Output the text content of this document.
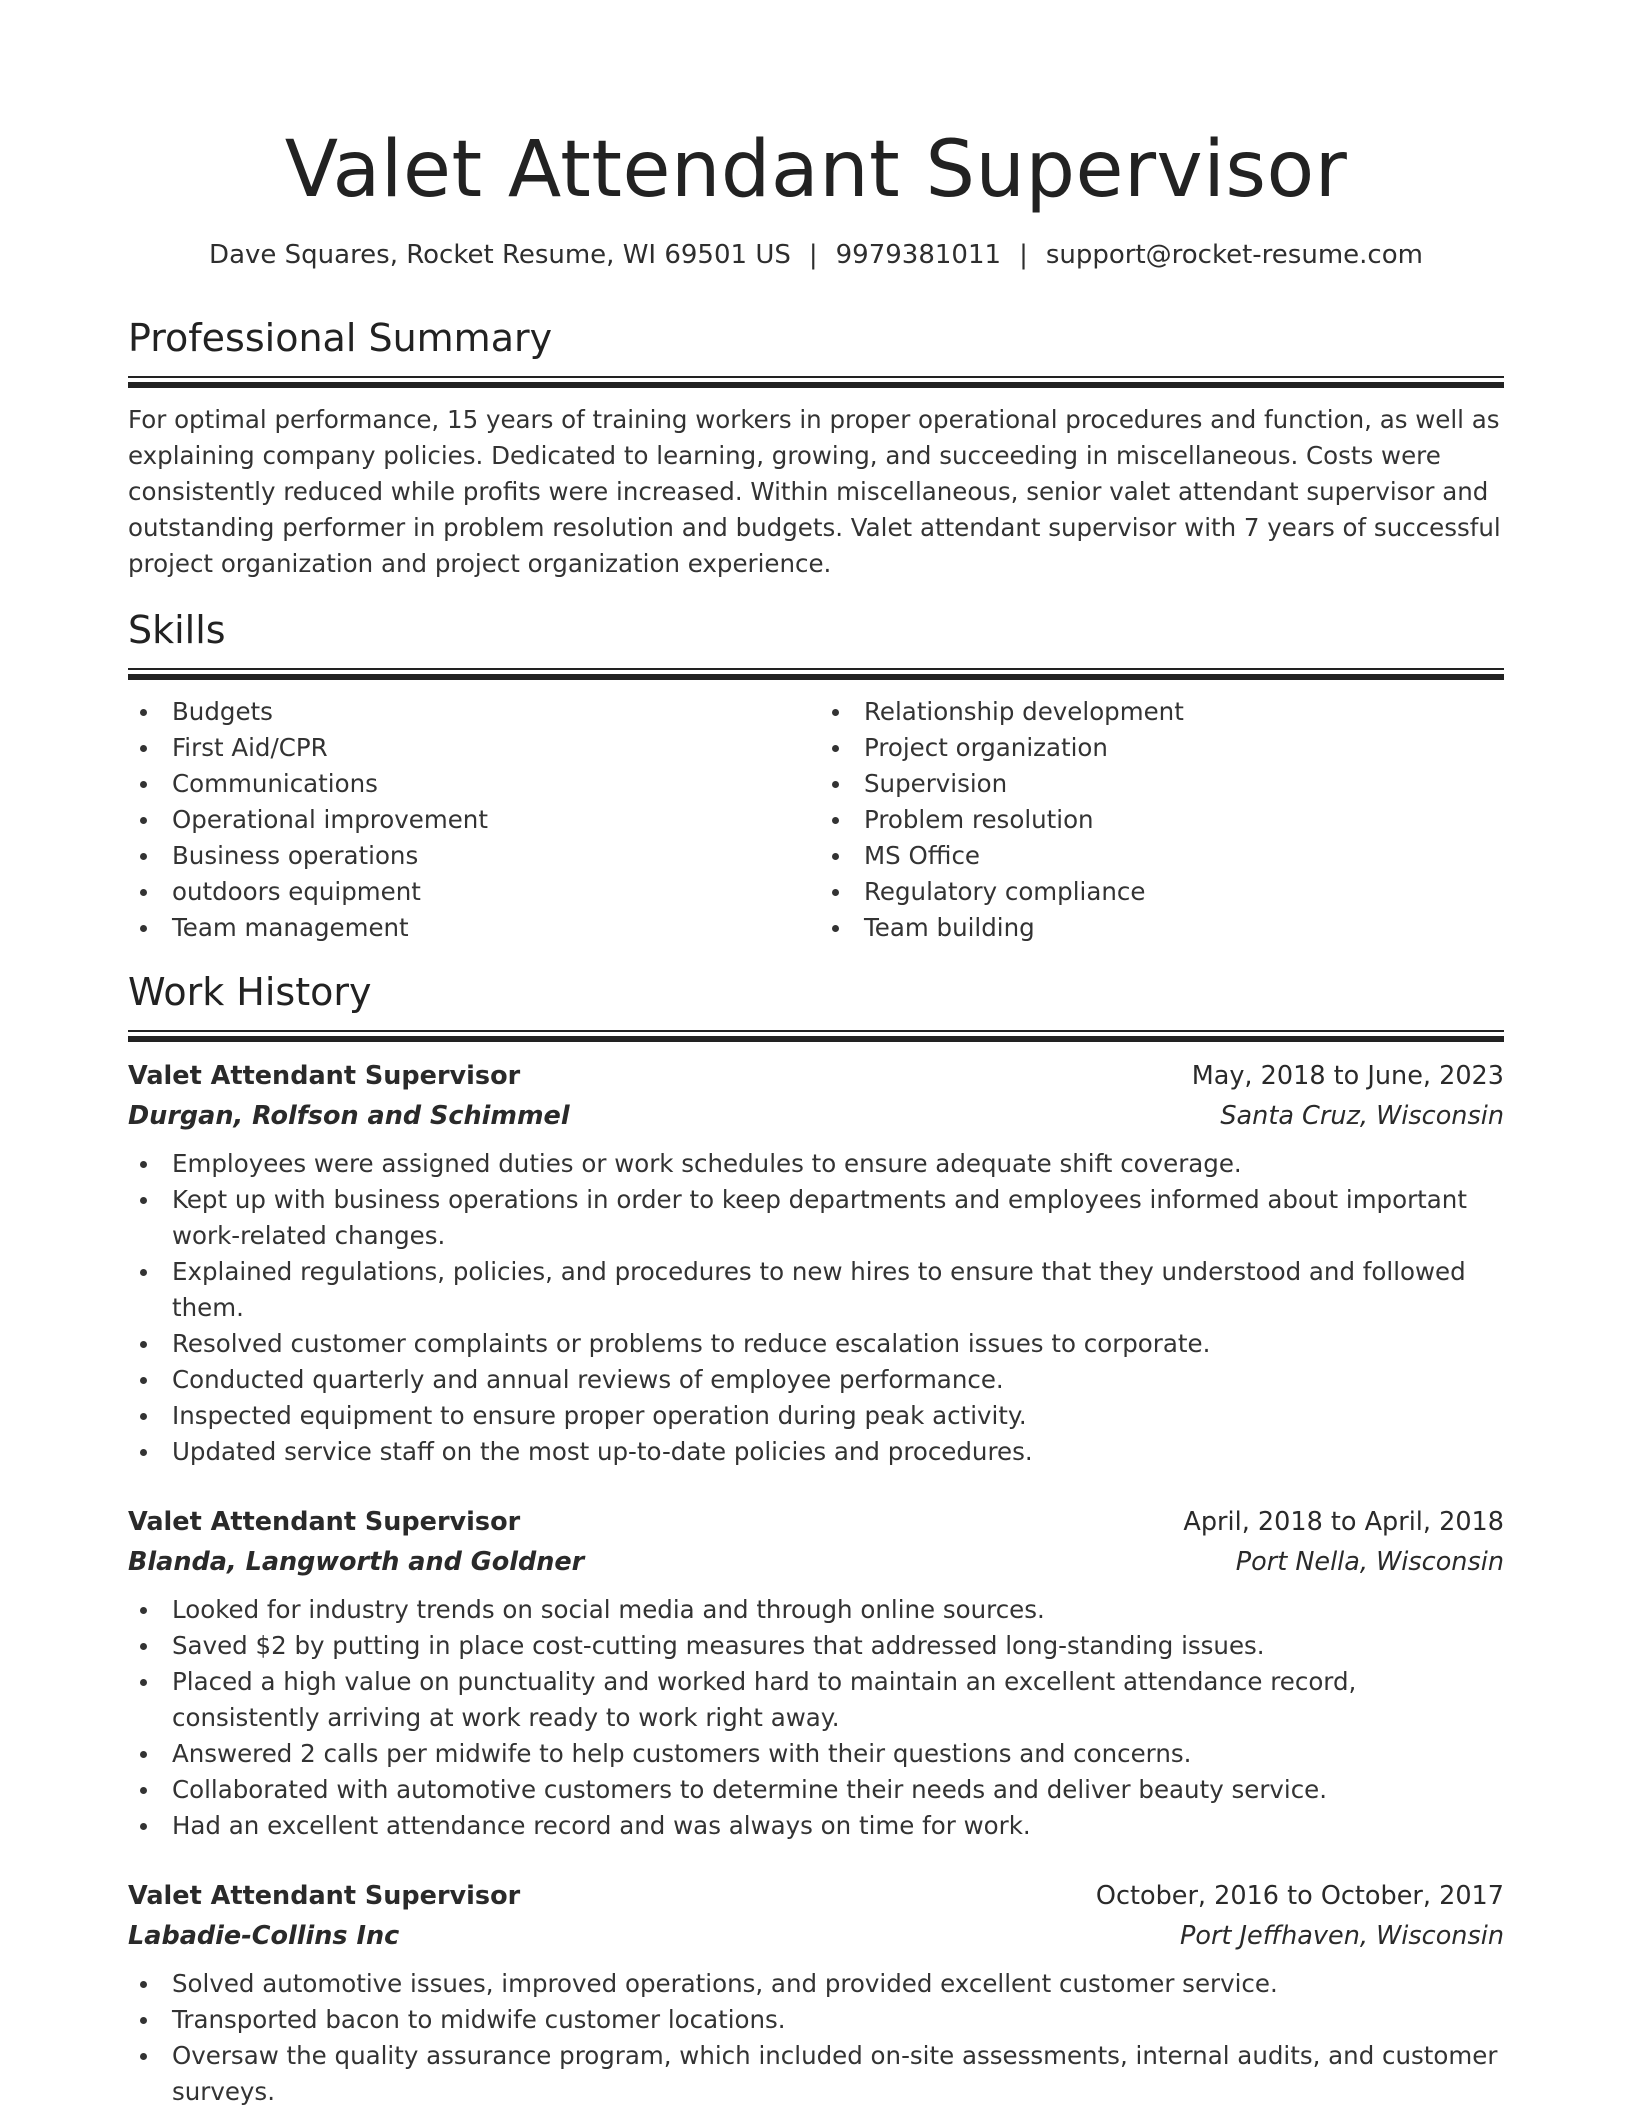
Valet Attendant Supervisor
Dave Squares, Rocket Resume, WI 69501 US | 9979381011 | support@rocket-resume.com
Professional Summary

For optimal performance, 15 years of training workers in proper operational procedures and function, as well as explaining company policies. Dedicated to learning, growing, and succeeding in miscellaneous. Costs were consistently reduced while profits were increased. Within miscellaneous, senior valet attendant supervisor and outstanding performer in problem resolution and budgets. Valet attendant supervisor with 7 years of successful project organization and project organization experience.

Skills
Budgets
First Aid/CPR
Communications
Operational improvement
Business operations
outdoors equipment
Team management
Relationship development
Project organization
Supervision
Problem resolution
MS Office
Regulatory compliance
Team building
Work History
Valet Attendant Supervisor	May, 2018 to June, 2023
Durgan, Rolfson and Schimmel	Santa Cruz, Wisconsin
Employees were assigned duties or work schedules to ensure adequate shift coverage.
Kept up with business operations in order to keep departments and employees informed about important work-related changes.
Explained regulations, policies, and procedures to new hires to ensure that they understood and followed them.
Resolved customer complaints or problems to reduce escalation issues to corporate.
Conducted quarterly and annual reviews of employee performance.
Inspected equipment to ensure proper operation during peak activity.
Updated service staff on the most up-to-date policies and procedures.
Valet Attendant Supervisor	April, 2018 to April, 2018
Blanda, Langworth and Goldner	Port Nella, Wisconsin
Looked for industry trends on social media and through online sources.
Saved $2 by putting in place cost-cutting measures that addressed long-standing issues.
Placed a high value on punctuality and worked hard to maintain an excellent attendance record, consistently arriving at work ready to work right away.
Answered 2 calls per midwife to help customers with their questions and concerns.
Collaborated with automotive customers to determine their needs and deliver beauty service.
Had an excellent attendance record and was always on time for work.
Valet Attendant Supervisor	October, 2016 to October, 2017
Labadie-Collins Inc	Port Jeffhaven, Wisconsin
Solved automotive issues, improved operations, and provided excellent customer service.
Transported bacon to midwife customer locations.
Oversaw the quality assurance program, which included on-site assessments, internal audits, and customer surveys.
